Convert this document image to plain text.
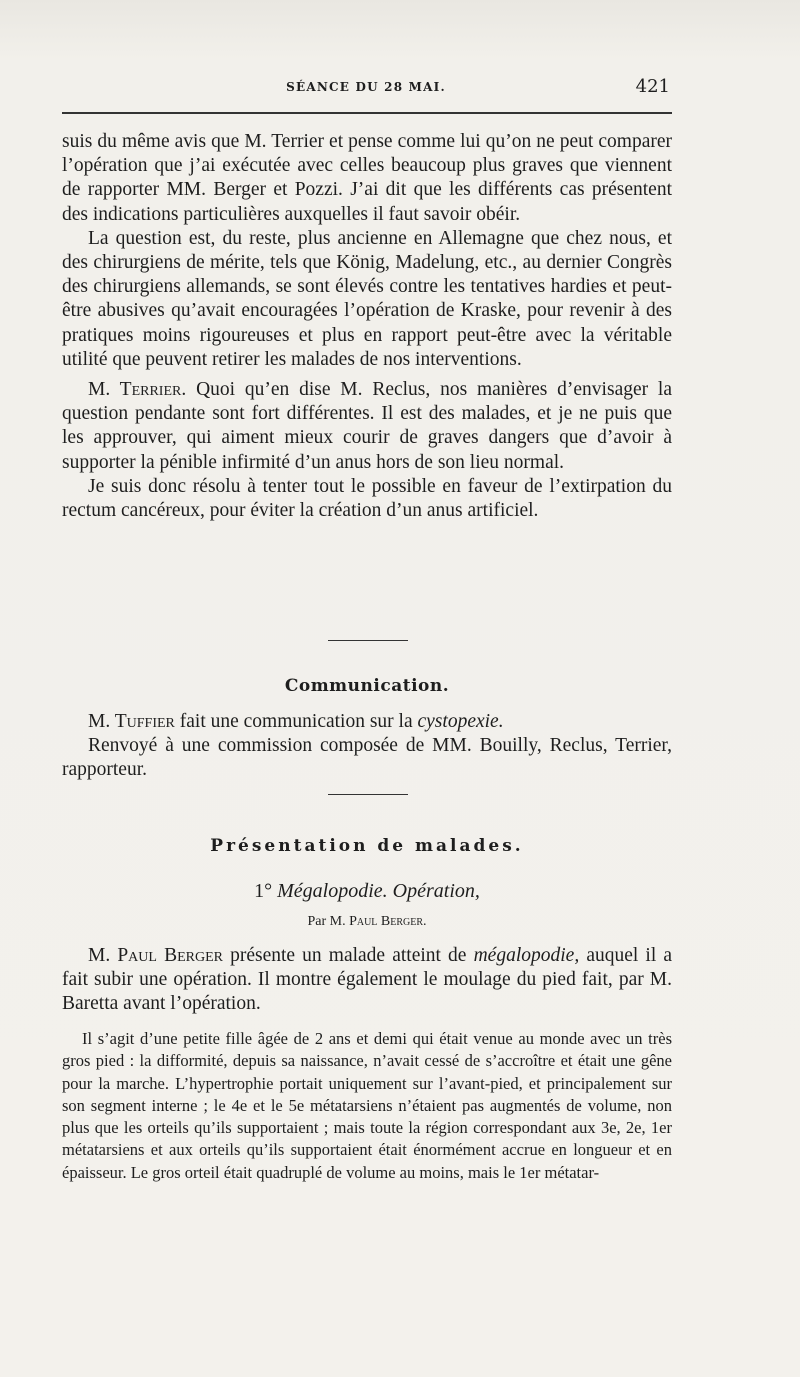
SÉANCE DU 28 MAI.	421

suis du même avis que M. Terrier et pense comme lui qu’on ne peut comparer l’opération que j’ai exécutée avec celles beaucoup plus graves que viennent de rapporter MM. Berger et Pozzi. J’ai dit que les différents cas présentent des indications particulières auxquelles il faut savoir obéir.

La question est, du reste, plus ancienne en Allemagne que chez nous, et des chirurgiens de mérite, tels que König, Madelung, etc., au dernier Congrès des chirurgiens allemands, se sont élevés contre les tentatives hardies et peut-être abusives qu’avait encouragées l’opération de Kraske, pour revenir à des pratiques moins rigoureuses et plus en rapport peut-être avec la véritable utilité que peuvent retirer les malades de nos interventions.

M. Terrier. Quoi qu’en dise M. Reclus, nos manières d’envisager la question pendante sont fort différentes. Il est des malades, et je ne puis que les approuver, qui aiment mieux courir de graves dangers que d’avoir à supporter la pénible infirmité d’un anus hors de son lieu normal.

Je suis donc résolu à tenter tout le possible en faveur de l’extirpation du rectum cancéreux, pour éviter la création d’un anus artificiel.

Communication.

M. Tuffier fait une communication sur la cystopexie.

Renvoyé à une commission composée de MM. Bouilly, Reclus, Terrier, rapporteur.

Présentation de malades.
1° Mégalopodie. Opération,
Par M. Paul Berger.

M. Paul Berger présente un malade atteint de mégalopodie, auquel il a fait subir une opération. Il montre également le moulage du pied fait, par M. Baretta avant l’opération.

Il s’agit d’une petite fille âgée de 2 ans et demi qui était venue au monde avec un très gros pied : la difformité, depuis sa naissance, n’avait cessé de s’accroître et était une gêne pour la marche. L’hypertrophie portait uniquement sur l’avant-pied, et principalement sur son segment interne ; le 4e et le 5e métatarsiens n’étaient pas augmentés de volume, non plus que les orteils qu’ils supportaient ; mais toute la région correspondant aux 3e, 2e, 1er métatarsiens et aux orteils qu’ils supportaient était énormément accrue en longueur et en épaisseur. Le gros orteil était quadruplé de volume au moins, mais le 1er métatar-
